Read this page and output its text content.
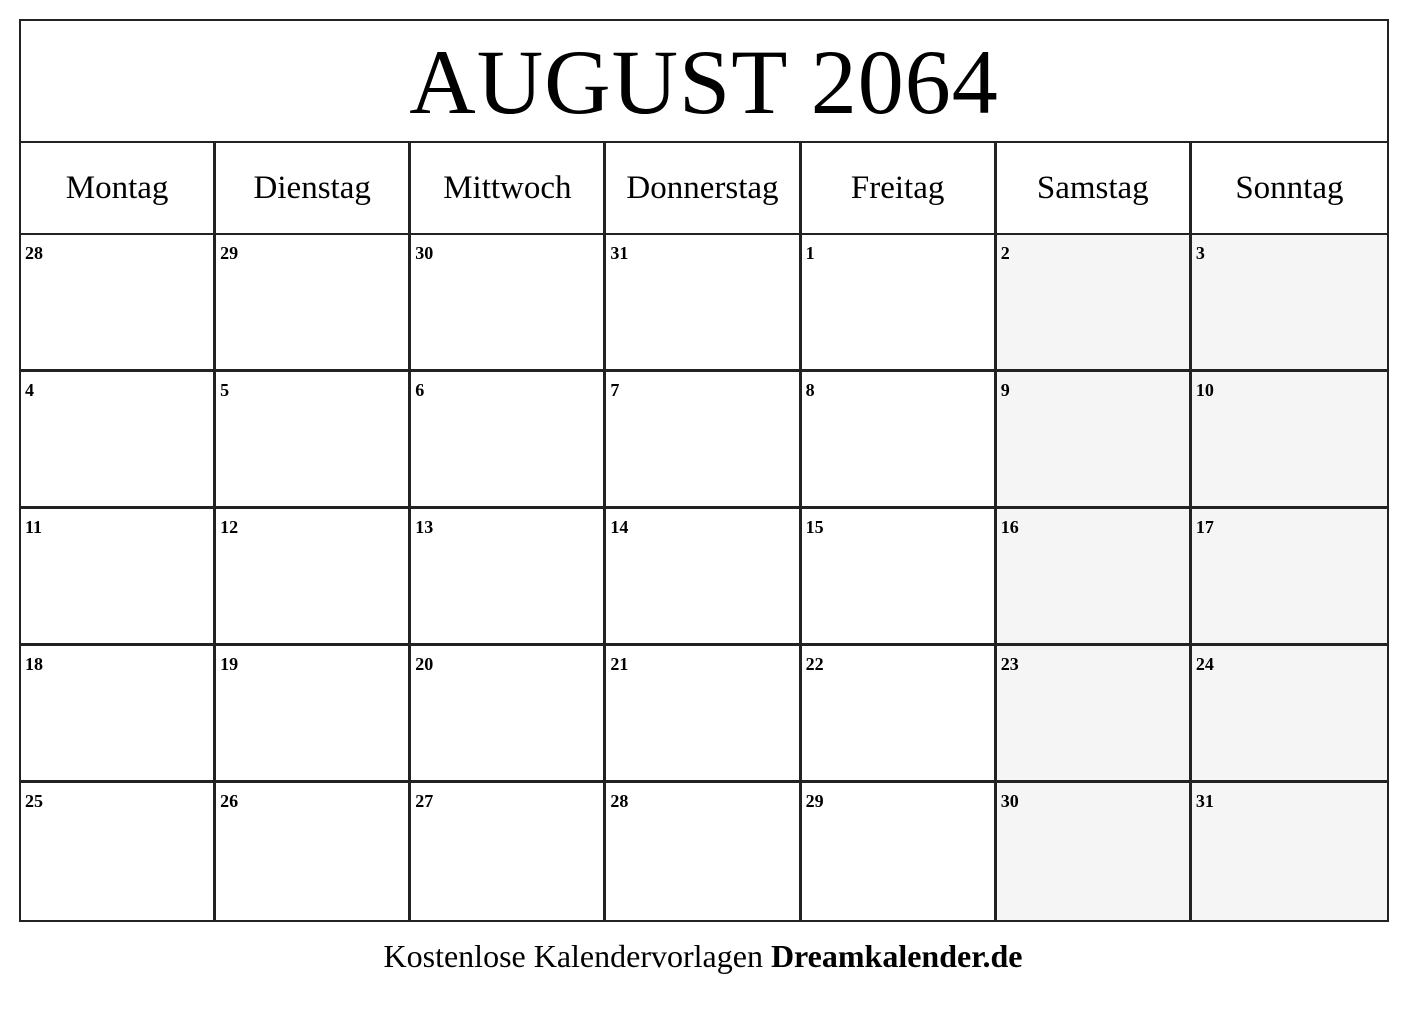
AUGUST 2064
Montag	Dienstag	Mittwoch	Donnerstag	Freitag	Samstag	Sonntag
28	29	30	31	1	2	3
4	5	6	7	8	9	10
11	12	13	14	15	16	17
18	19	20	21	22	23	24
25	26	27	28	29	30	31
Kostenlose Kalendervorlagen Dreamkalender.de
